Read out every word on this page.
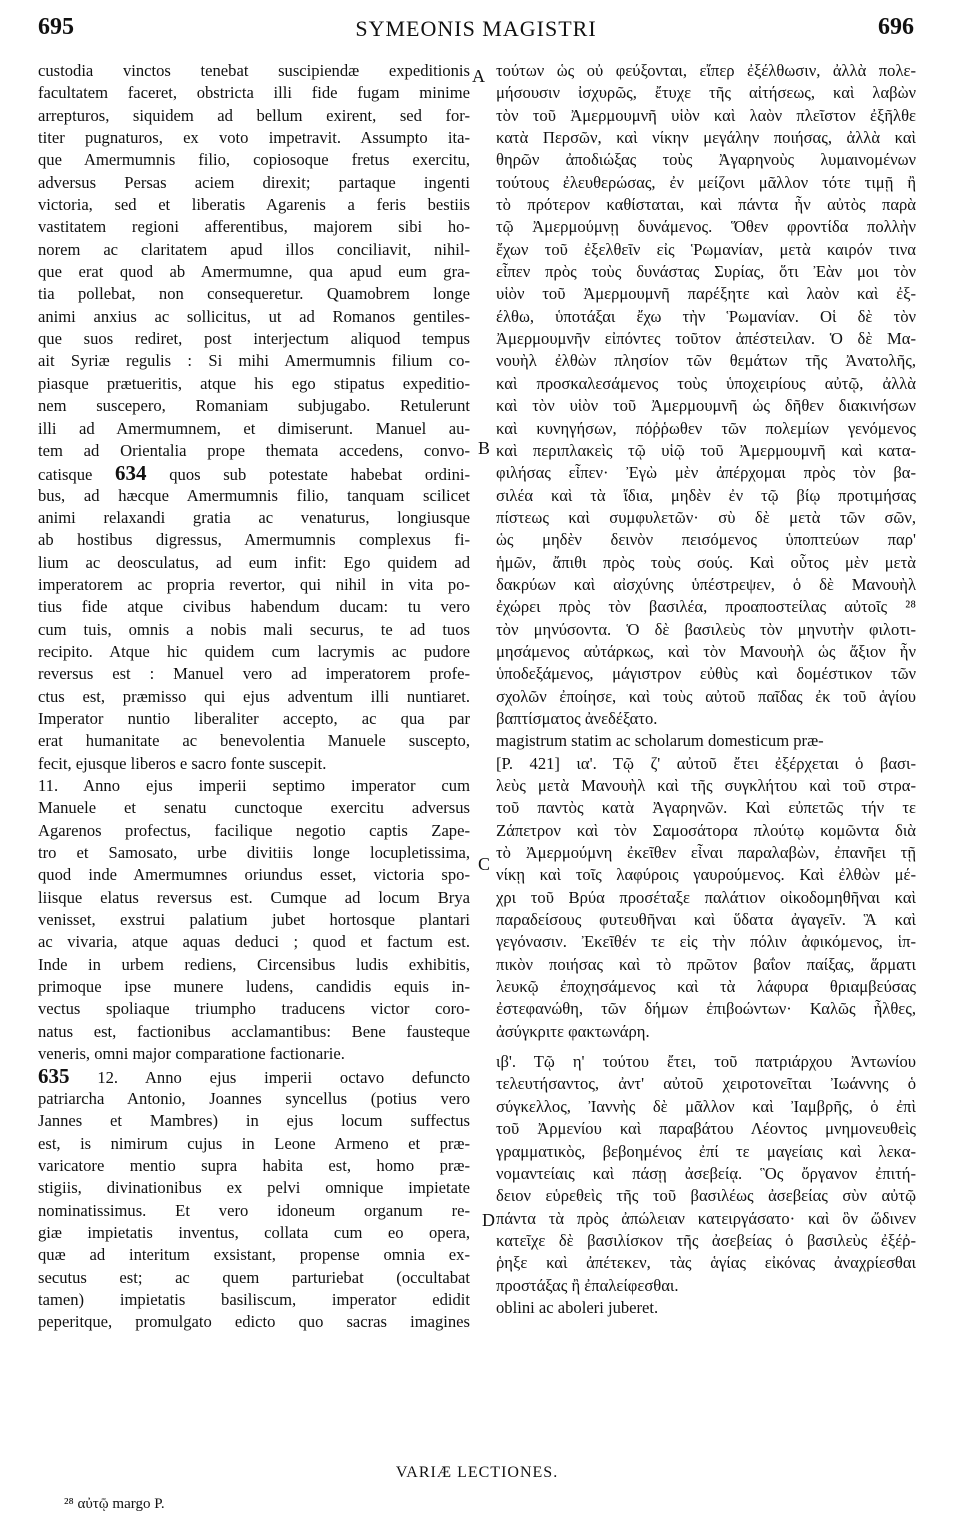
695	SYMEONIS MAGISTRI	696
A
B
C
D
custodia vinctos tenebat suscipiendæ expeditionis
facultatem faceret, obstricta illi fide fugam minime
arrepturos, siquidem ad bellum exirent, sed for-
titer pugnaturos, ex voto impetravit. Assumpto ita-
que Amermumnis filio, copiosoque fretus exercitu,
adversus Persas aciem direxit; partaque ingenti
victoria, sed et liberatis Agarenis a feris bestiis
vastitatem regioni afferentibus, majorem sibi ho-
norem ac claritatem apud illos conciliavit, nihil-
que erat quod ab Amermumne, qua apud eum gra-
tia pollebat, non consequeretur. Quamobrem longe
animi anxius ac sollicitus, ut ad Romanos gentiles-
que suos rediret, post interjectum aliquod tempus
ait Syriæ regulis : Si mihi Amermumnis filium co-
piasque prætueritis, atque his ego stipatus expeditio-
nem suscepero, Romaniam subjugabo. Retulerunt
illi ad Amermumnem, et dimiserunt. Manuel au-
tem ad Orientalia prope themata accedens, convo-
catisque 634 quos sub potestate habebat ordini-
bus, ad hæcque Amermumnis filio, tanquam scilicet
animi relaxandi gratia ac venaturus, longiusque
ab hostibus digressus, Amermumnis complexus fi-
lium ac deosculatus, ad eum infit: Ego quidem ad
imperatorem ac propria revertor, qui nihil in vita po-
tius fide atque civibus habendum ducam: tu vero
cum tuis, omnis a nobis mali securus, te ad tuos
recipito. Atque hic quidem cum lacrymis ac pudore
reversus est : Manuel vero ad imperatorem profe-
ctus est, præmisso qui ejus adventum illi nuntiaret.
Imperator nuntio liberaliter accepto, ac qua par
erat humanitate ac benevolentia Manuele suscepto,
fecit, ejusque liberos e sacro fonte suscepit.
11. Anno ejus imperii septimo imperator cum
Manuele et senatu cunctoque exercitu adversus
Agarenos profectus, facilique negotio captis Zape-
tro et Samosato, urbe divitiis longe locupletissima,
quod inde Amermumnes oriundus esset, victoria spo-
liisque elatus reversus est. Cumque ad locum Brya
venisset, exstrui palatium jubet hortosque plantari
ac vivaria, atque aquas deduci ; quod et factum est.
Inde in urbem rediens, Circensibus ludis exhibitis,
primoque ipse munere ludens, candidis equis in-
vectus spoliaque triumpho traducens victor coro-
natus est, factionibus acclamantibus: Bene fausteque
veneris, omni major comparatione factionarie.
635 12. Anno ejus imperii octavo defuncto
patriarcha Antonio, Joannes syncellus (potius vero
Jannes et Mambres) in ejus locum suffectus
est, is nimirum cujus in Leone Armeno et præ-
varicatore mentio supra habita est, homo præ-
stigiis, divinationibus ex pelvi omnique impietate
nominatissimus. Et vero idoneum organum re-
giæ impietatis inventus, collata cum eo opera,
quæ ad interitum exsistant, propense omnia ex-
secutus est; ac quem parturiebat (occultabat
tamen) impietatis basiliscum, imperator edidit
peperitque, promulgato edicto quo sacras imagines
τούτων ὡς οὐ φεύξονται, εἴπερ ἐξέλθωσιν, ἀλλὰ πολε-
μήσουσιν ἰσχυρῶς, ἔτυχε τῆς αἰτήσεως, καὶ λαβὼν
τὸν τοῦ Ἀμερμουμνῆ υἱὸν καὶ λαὸν πλεῖστον ἐξῆλθε
κατὰ Περσῶν, καὶ νίκην μεγάλην ποιήσας, ἀλλὰ καὶ
θηρῶν ἀποδιώξας τοὺς Ἀγαρηνοὺς λυμαινομένων
τούτους ἐλευθερώσας, ἐν μείζονι μᾶλλον τότε τιμῇ ἢ
τὸ πρότερον καθίσταται, καὶ πάντα ἦν αὐτὸς παρὰ
τῷ Ἀμερμούμνῃ δυνάμενος. Ὅθεν φροντίδα πολλὴν
ἔχων τοῦ ἐξελθεῖν εἰς Ῥωμανίαν, μετὰ καιρόν τινα
εἶπεν πρὸς τοὺς δυνάστας Συρίας, ὅτι Ἐὰν μοι τὸν
υἱὸν τοῦ Ἀμερμουμνῆ παρέξητε καὶ λαὸν καὶ ἐξ-
έλθω, ὑποτάξαι ἔχω τὴν Ῥωμανίαν. Οἱ δὲ τὸν
Ἀμερμουμνῆν εἰπόντες τοῦτον ἀπέστειλαν. Ὁ δὲ Μα-
νουὴλ ἐλθὼν πλησίον τῶν θεμάτων τῆς Ἀνατολῆς,
καὶ προσκαλεσάμενος τοὺς ὑποχειρίους αὐτῷ, ἀλλὰ
καὶ τὸν υἱὸν τοῦ Ἀμερμουμνῆ ὡς δῆθεν διακινήσων
καὶ κυνηγήσων, πόῤῥωθεν τῶν πολεμίων γενόμενος
καὶ περιπλακεὶς τῷ υἱῷ τοῦ Ἀμερμουμνῆ καὶ κατα-
φιλήσας εἶπεν· Ἐγὼ μὲν ἀπέρχομαι πρὸς τὸν βα-
σιλέα καὶ τὰ ἴδια, μηδὲν ἐν τῷ βίῳ προτιμήσας
πίστεως καὶ συμφυλετῶν· σὺ δὲ μετὰ τῶν σῶν,
ὡς μηδὲν δεινὸν πεισόμενος ὑποπτεύων παρ'
ἡμῶν, ἄπιθι πρὸς τοὺς σούς. Καὶ οὗτος μὲν μετὰ
δακρύων καὶ αἰσχύνης ὑπέστρεψεν, ὁ δὲ Μανουὴλ
ἐχώρει πρὸς τὸν βασιλέα, προαποστείλας αὐτοῖς ²⁸
τὸν μηνύσοντα. Ὁ δὲ βασιλεὺς τὸν μηνυτὴν φιλοτι-
μησάμενος αὐτάρκως, καὶ τὸν Μανουὴλ ὡς ἄξιον ἦν
ὑποδεξάμενος, μάγιστρον εὐθὺς καὶ δομέστικον τῶν
σχολῶν ἐποίησε, καὶ τοὺς αὐτοῦ παῖδας ἐκ τοῦ ἁγίου
βαπτίσματος ἀνεδέξατο.
magistrum statim ac scholarum domesticum præ-
[P. 421] ια'. Τῷ ζ' αὐτοῦ ἔτει ἐξέρχεται ὁ βασι-
λεὺς μετὰ Μανουὴλ καὶ τῆς συγκλήτου καὶ τοῦ στρα-
τοῦ παντὸς κατὰ Ἀγαρηνῶν. Καὶ εὐπετῶς τήν τε
Ζάπετρον καὶ τὸν Σαμοσάτορα πλούτῳ κομῶντα διὰ
τὸ Ἀμερμούμνη ἐκεῖθεν εἶναι παραλαβὼν, ἐπανῆει τῇ
νίκῃ καὶ τοῖς λαφύροις γαυρούμενος. Καὶ ἐλθὼν μέ-
χρι τοῦ Βρύα προσέταξε παλάτιον οἰκοδομηθῆναι καὶ
παραδείσους φυτευθῆναι καὶ ὕδατα ἀγαγεῖν. Ἃ καὶ
γεγόνασιν. Ἐκεῖθέν τε εἰς τὴν πόλιν ἀφικόμενος, ἱπ-
πικὸν ποιήσας καὶ τὸ πρῶτον βαΐον παίξας, ἅρματι
λευκῷ ἐποχησάμενος καὶ τὰ λάφυρα θριαμβεύσας
ἐστεφανώθη, τῶν δήμων ἐπιβοώντων· Καλῶς ἦλθες,
ἀσύγκριτε φακτωνάρη.
ιβ'. Τῷ η' τούτου ἔτει, τοῦ πατριάρχου Ἀντωνίου
τελευτήσαντος, ἀντ' αὐτοῦ χειροτονεῖται Ἰωάννης ὁ
σύγκελλος, Ἰαννὴς δὲ μᾶλλον καὶ Ἰαμβρῆς, ὁ ἐπὶ
τοῦ Ἀρμενίου καὶ παραβάτου Λέοντος μνημονευθεὶς
γραμματικὸς, βεβοημένος ἐπί τε μαγείαις καὶ λεκα-
νομαντείαις καὶ πάσῃ ἀσεβείᾳ. Ὃς ὄργανον ἐπιτή-
δειον εὑρεθεὶς τῆς τοῦ βασιλέως ἀσεβείας σὺν αὐτῷ
πάντα τὰ πρὸς ἀπώλειαν κατειργάσατο· καὶ ὃν ὤδινεν
κατεῖχε δὲ βασιλίσκον τῆς ἀσεβείας ὁ βασιλεὺς ἐξέῤ-
ῥηξε καὶ ἀπέτεκεν, τὰς ἁγίας εἰκόνας ἀναχρίεσθαι
προστάξας ἢ ἐπαλείφεσθαι.
oblini ac aboleri juberet.
VARIÆ LECTIONES.
²⁸ αὐτῷ margo P.
